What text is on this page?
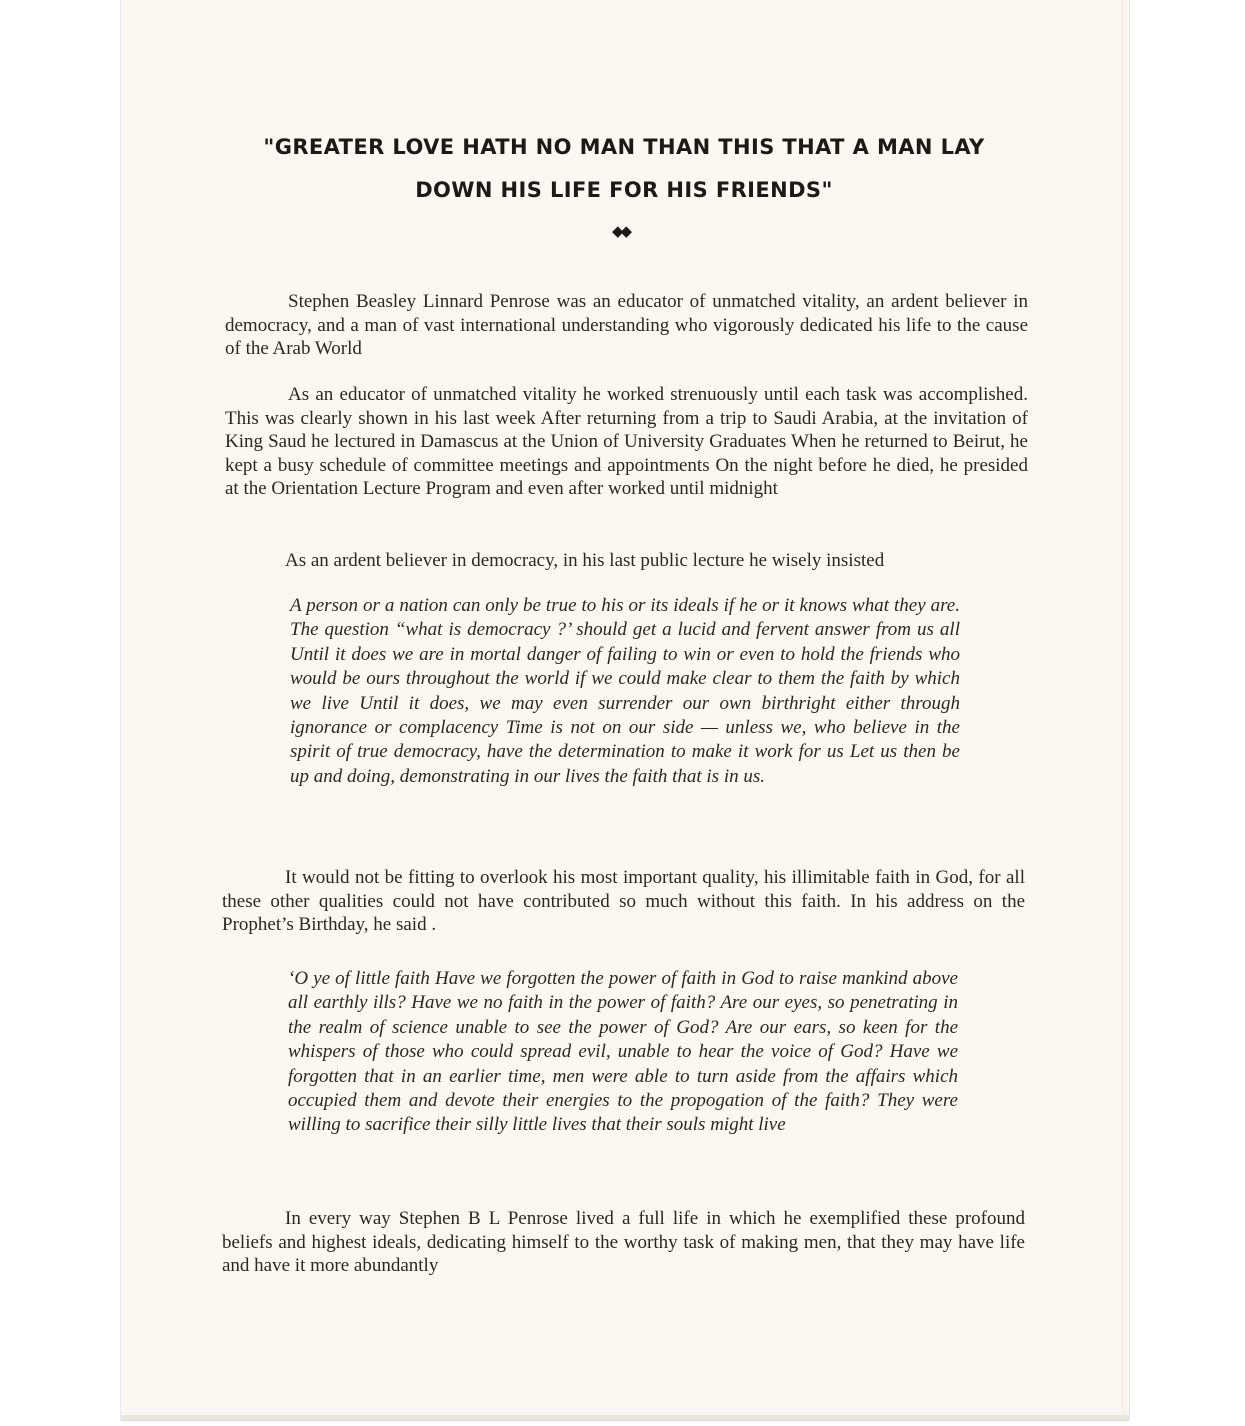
"GREATER LOVE HATH NO MAN THAN THIS THAT A MAN LAY
DOWN HIS LIFE FOR HIS FRIENDS"
◆◆

Stephen Beasley Linnard Penrose was an educator of unmatched vitality, an ardent believer in democracy, and a man of vast international understanding who vigorously dedicated his life to the cause of the Arab World

As an educator of unmatched vitality he worked strenuously until each task was accomplished. This was clearly shown in his last week After returning from a trip to Saudi Arabia, at the invitation of King Saud he lectured in Damascus at the Union of University Graduates When he returned to Beirut, he kept a busy schedule of committee meetings and appointments On the night before he died, he presided at the Orientation Lecture Program and even after worked until midnight

As an ardent believer in democracy, in his last public lecture he wisely insisted

A person or a nation can only be true to his or its ideals if he or it knows what they are. The question “what is democracy ?’ should get a lucid and fervent answer from us all Until it does we are in mortal danger of failing to win or even to hold the friends who would be ours throughout the world if we could make clear to them the faith by which we live Until it does, we may even surrender our own birthright either through ignorance or complacency Time is not on our side — unless we, who believe in the spirit of true democracy, have the determination to make it work for us Let us then be up and doing, demonstrating in our lives the faith that is in us.

It would not be fitting to overlook his most important quality, his illimitable faith in God, for all these other qualities could not have contributed so much without this faith. In his address on the Prophet’s Birthday, he said .

‘O ye of little faith Have we forgotten the power of faith in God to raise mankind above all earthly ills? Have we no faith in the power of faith? Are our eyes, so penetrating in the realm of science unable to see the power of God? Are our ears, so keen for the whispers of those who could spread evil, unable to hear the voice of God? Have we forgotten that in an earlier time, men were able to turn aside from the affairs which occupied them and devote their energies to the propogation of the faith? They were willing to sacrifice their silly little lives that their souls might live

In every way Stephen B L Penrose lived a full life in which he exemplified these profound beliefs and highest ideals, dedicating himself to the worthy task of making men, that they may have life and have it more abundantly
